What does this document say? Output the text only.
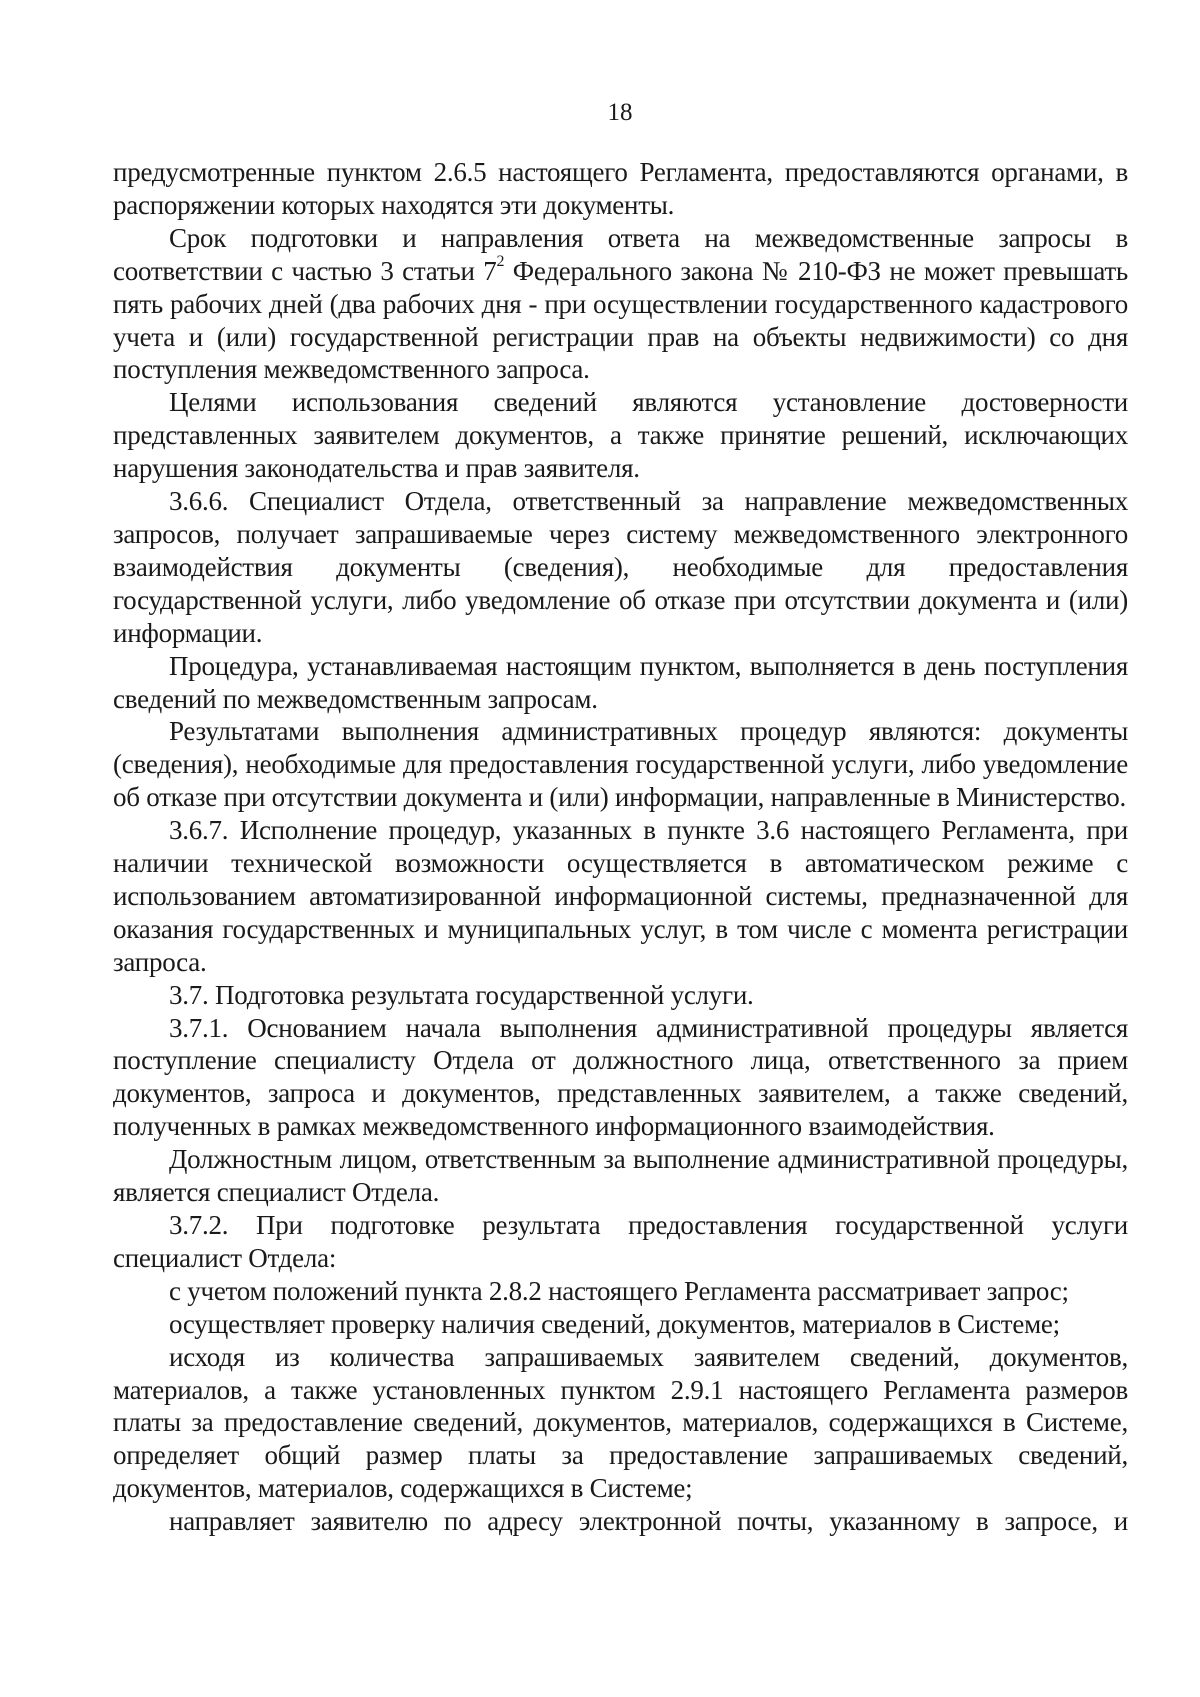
18

предусмотренные пунктом 2.6.5 настоящего Регламента, предоставляются органами, в распоряжении которых находятся эти документы.

Срок подготовки и направления ответа на межведомственные запросы в соответствии с частью 3 статьи $7^2$ Федерального закона № 210-ФЗ не может превышать пять рабочих дней (два рабочих дня - при осуществлении государственного кадастрового учета и (или) государственной регистрации прав на объекты недвижимости) со дня поступления межведомственного запроса.

Целями использования сведений являются установление достоверности представленных заявителем документов, а также принятие решений, исключающих нарушения законодательства и прав заявителя.

3.6.6. Специалист Отдела, ответственный за направление межведомственных запросов, получает запрашиваемые через систему межведомственного электронного взаимодействия документы (сведения), необходимые для предоставления государственной услуги, либо уведомление об отказе при отсутствии документа и (или) информации.

Процедура, устанавливаемая настоящим пунктом, выполняется в день поступления сведений по межведомственным запросам.

Результатами выполнения административных процедур являются: документы (сведения), необходимые для предоставления государственной услуги, либо уведомление об отказе при отсутствии документа и (или) информации, направленные в Министерство.

3.6.7. Исполнение процедур, указанных в пункте 3.6 настоящего Регламента, при наличии технической возможности осуществляется в автоматическом режиме с использованием автоматизированной информационной системы, предназначенной для оказания государственных и муниципальных услуг, в том числе с момента регистрации запроса.

3.7. Подготовка результата государственной услуги.

3.7.1. Основанием начала выполнения административной процедуры является поступление специалисту Отдела от должностного лица, ответственного за прием документов, запроса и документов, представленных заявителем, а также сведений, полученных в рамках межведомственного информационного взаимодействия.

Должностным лицом, ответственным за выполнение административной процедуры, является специалист Отдела.

3.7.2. При подготовке результата предоставления государственной услуги специалист Отдела:

с учетом положений пункта 2.8.2 настоящего Регламента рассматривает запрос;

осуществляет проверку наличия сведений, документов, материалов в Системе;

исходя из количества запрашиваемых заявителем сведений, документов, материалов, а также установленных пунктом 2.9.1 настоящего Регламента размеров платы за предоставление сведений, документов, материалов, содержащихся в Системе, определяет общий размер платы за предоставление запрашиваемых сведений, документов, материалов, содержащихся в Системе;

направляет заявителю по адресу электронной почты, указанному в запросе, и
